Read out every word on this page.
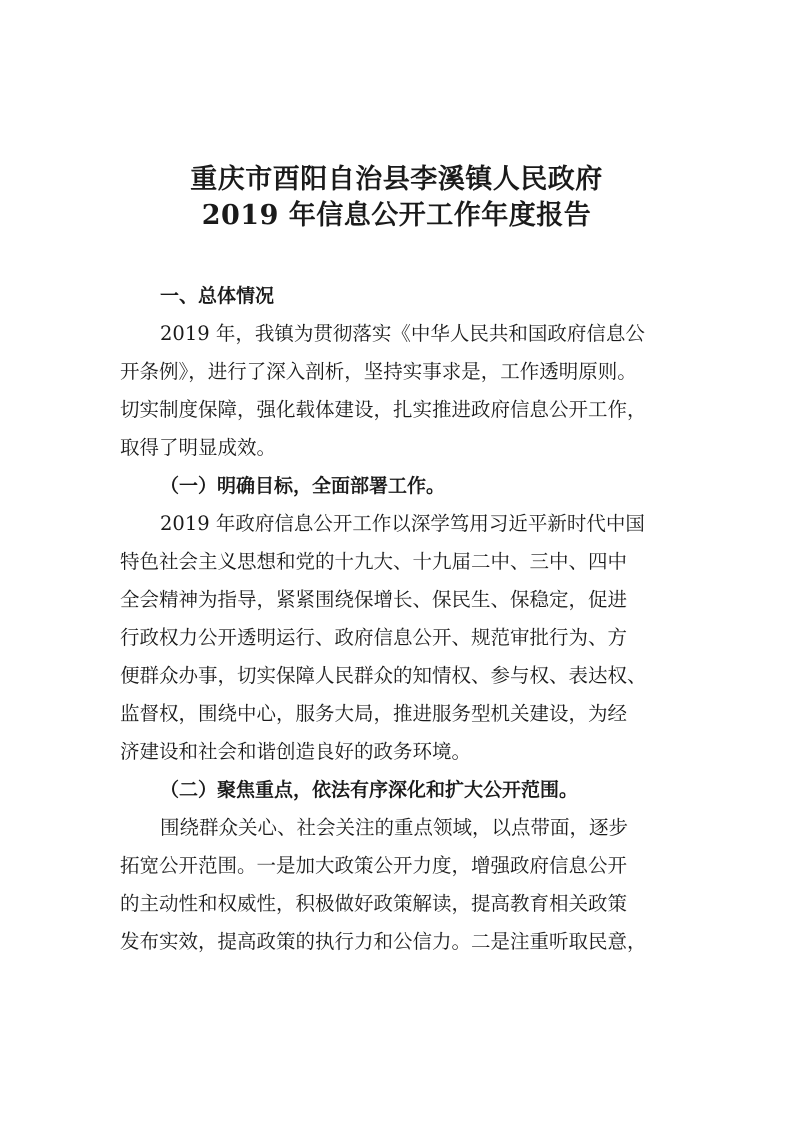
重庆市酉阳自治县李溪镇人民政府
2019 年信息公开工作年度报告
一、总体情况
2019 年，我镇为贯彻落实《中华人民共和国政府信息公
开条例》，进行了深入剖析，坚持实事求是，工作透明原则。
切实制度保障，强化载体建设，扎实推进政府信息公开工作，
取得了明显成效。
（一）明确目标，全面部署工作。
2019 年政府信息公开工作以深学笃用习近平新时代中国
特色社会主义思想和党的十九大、十九届二中、三中、四中
全会精神为指导，紧紧围绕保增长、保民生、保稳定，促进
行政权力公开透明运行、政府信息公开、规范审批行为、方
便群众办事，切实保障人民群众的知情权、参与权、表达权、
监督权，围绕中心，服务大局，推进服务型机关建设，为经
济建设和社会和谐创造良好的政务环境。
（二）聚焦重点，依法有序深化和扩大公开范围。
围绕群众关心、社会关注的重点领域，以点带面，逐步
拓宽公开范围。一是加大政策公开力度，增强政府信息公开
的主动性和权威性，积极做好政策解读，提高教育相关政策
发布实效，提高政策的执行力和公信力。二是注重听取民意，
